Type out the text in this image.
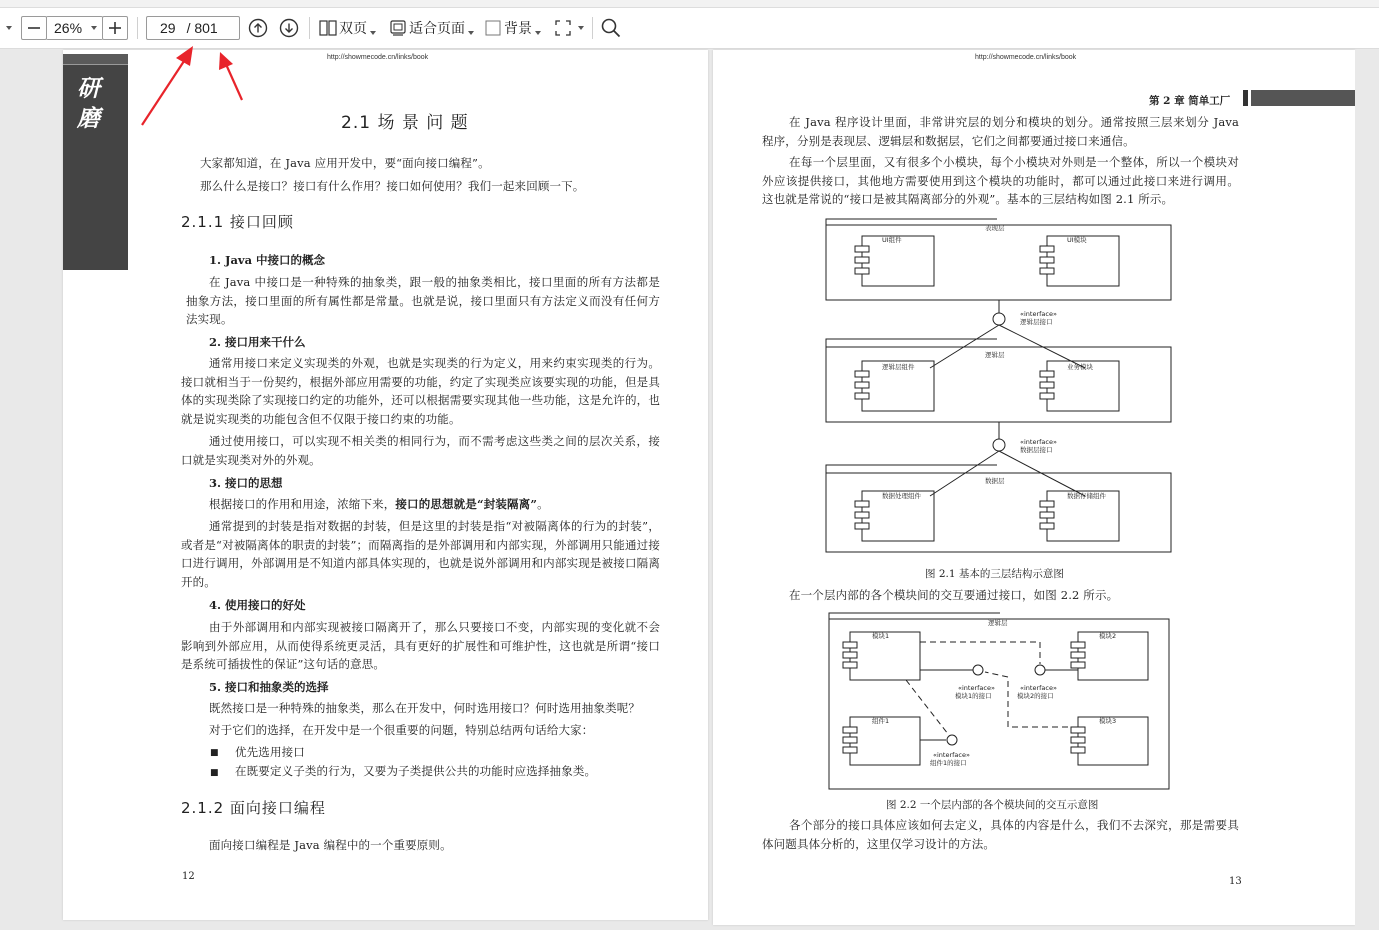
26%	29 / 801	双页	适合页面	背景
研磨
http://showmecode.cn/links/book
2.1 场 景 问 题
大家都知道，在 Java 应用开发中，要“面向接口编程”。
那么什么是接口？接口有什么作用？接口如何使用？我们一起来回顾一下。
2.1.1 接口回顾
1. Java 中接口的概念
在 Java 中接口是一种特殊的抽象类，跟一般的抽象类相比，接口里面的所有方法都是抽象方法，接口里面的所有属性都是常量。也就是说，接口里面只有方法定义而没有任何方法实现。
2. 接口用来干什么
通常用接口来定义实现类的外观，也就是实现类的行为定义，用来约束实现类的行为。接口就相当于一份契约，根据外部应用需要的功能，约定了实现类应该要实现的功能，但是具体的实现类除了实现接口约定的功能外，还可以根据需要实现其他一些功能，这是允许的，也就是说实现类的功能包含但不仅限于接口约束的功能。
通过使用接口，可以实现不相关类的相同行为，而不需考虑这些类之间的层次关系，接口就是实现类对外的外观。
3. 接口的思想
根据接口的作用和用途，浓缩下来，接口的思想就是“封装隔离”。
通常提到的封装是指对数据的封装，但是这里的封装是指“对被隔离体的行为的封装”，或者是“对被隔离体的职责的封装”；而隔离指的是外部调用和内部实现，外部调用只能通过接口进行调用，外部调用是不知道内部具体实现的，也就是说外部调用和内部实现是被接口隔离开的。
4. 使用接口的好处
由于外部调用和内部实现被接口隔离开了，那么只要接口不变，内部实现的变化就不会影响到外部应用，从而使得系统更灵活，具有更好的扩展性和可维护性，这也就是所谓“接口是系统可插拔性的保证”这句话的意思。
5. 接口和抽象类的选择
既然接口是一种特殊的抽象类，那么在开发中，何时选用接口？何时选用抽象类呢？
对于它们的选择，在开发中是一个很重要的问题，特别总结两句话给大家：
■ 优先选用接口
■ 在既要定义子类的行为，又要为子类提供公共的功能时应选择抽象类。
2.1.2 面向接口编程
面向接口编程是 Java 编程中的一个重要原则。
12
http://showmecode.cn/links/book
第 2 章 简单工厂
在 Java 程序设计里面，非常讲究层的划分和模块的划分。通常按照三层来划分 Java 程序，分别是表现层、逻辑层和数据层，它们之间都要通过接口来通信。
在每一个层里面，又有很多个小模块，每个小模块对外则是一个整体，所以一个模块对外应该提供接口，其他地方需要使用到这个模块的功能时，都可以通过此接口来进行调用。这也就是常说的“接口是被其隔离部分的外观”。基本的三层结构如图 2.1 所示。
表现层
UI组件	UI模块
«interface»
逻辑层接口
逻辑层
逻辑层组件	业务模块
«interface»
数据层接口
数据层
数据处理组件	数据存储组件
图 2.1 基本的三层结构示意图
在一个层内部的各个模块间的交互要通过接口，如图 2.2 所示。
逻辑层
模块1	模块2
组件1	模块3
«interface»
模块1的接口
«interface»
模块2的接口
«interface»
组件1的接口
图 2.2 一个层内部的各个模块间的交互示意图
各个部分的接口具体应该如何去定义，具体的内容是什么，我们不去深究，那是需要具体问题具体分析的，这里仅学习设计的方法。
13
